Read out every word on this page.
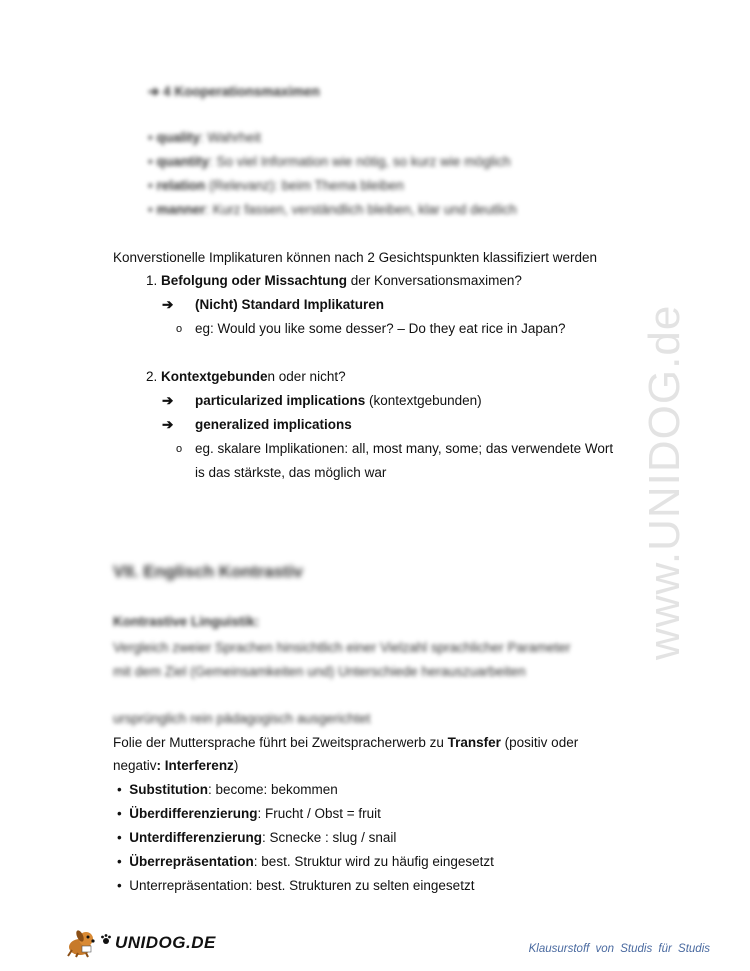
➔ 4 Kooperationsmaximen
• quality: Wahrheit
• quantity: So viel Information wie nötig, so kurz wie möglich
• relation (Relevanz): beim Thema bleiben
• manner: Kurz fassen, verständlich bleiben, klar und deutlich
Konverstionelle Implikaturen können nach 2 Gesichtspunkten klassifiziert werden
1. Befolgung oder Missachtung der Konversationsmaximen?
➔ (Nicht) Standard Implikaturen
o eg: Would you like some desser? – Do they eat rice in Japan?
2. Kontextgebunden oder nicht?
➔ particularized implications (kontextgebunden)
➔ generalized implications
o eg. skalare Implikationen: all, most many, some; das verwendete Wort
is das stärkste, das möglich war
VII. Englisch Kontrastiv
Kontrastive Linguistik:
Vergleich zweier Sprachen hinsichtlich einer Vielzahl sprachlicher Parameter
mit dem Ziel (Gemeinsamkeiten und) Unterschiede herauszuarbeiten
ursprünglich rein pädagogisch ausgerichtet
Folie der Muttersprache führt bei Zweitspracherwerb zu Transfer (positiv oder
negativ: Interferenz)
• Substitution: become: bekommen
• Überdifferenzierung: Frucht / Obst = fruit
• Unterdifferenzierung: Scnecke : slug / snail
• Überrepräsentation: best. Struktur wird zu häufig eingesetzt
• Unterrepräsentation: best. Strukturen zu selten eingesetzt
www.UNIDOG.de
UNIDOG.DE	Klausurstoff von Studis für Studis
